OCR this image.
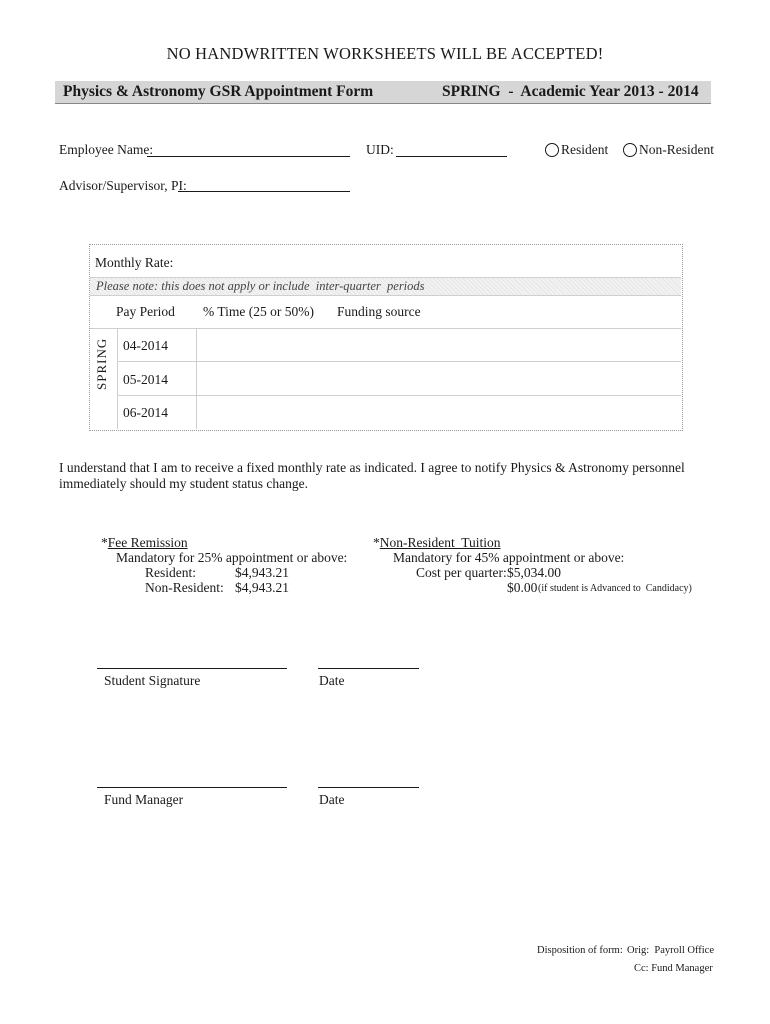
NO HANDWRITTEN WORKSHEETS WILL BE ACCEPTED!
Physics & Astronomy GSR Appointment Form	SPRING  -  Academic Year 2013 - 2014
Employee Name:	UID:	Resident Non-Resident
Advisor/Supervisor, PI:
Monthly Rate:
Please note: this does not apply or include  inter-quarter  periods
Pay Period % Time (25 or 50%) Funding source
SPRING 04-2014
05-2014
06-2014
I understand that I am to receive a fixed monthly rate as indicated. I agree to notify Physics & Astronomy personnel immediately should my student status change.
*Fee Remission
Mandatory for 25% appointment or above:
Resident:	$4,943.21
Non-Resident: $4,943.21
*Non-Resident  Tuition
Mandatory for 45% appointment or above:
Cost per quarter: $5,034.00
$0.00 (if student is Advanced to  Candidacy)
Student Signature	Date
Fund Manager	Date
Disposition of form: Orig:  Payroll Office
Cc: Fund Manager
